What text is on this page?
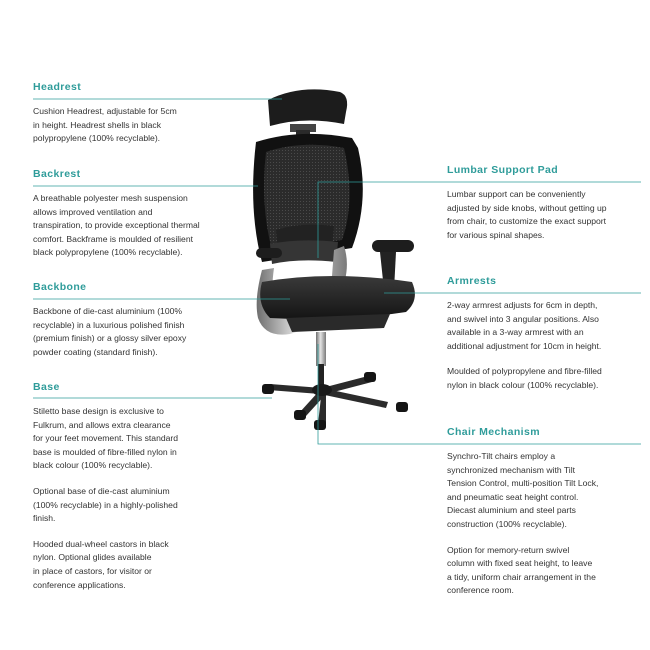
Headrest
Cushion Headrest, adjustable for 5cm
in height. Headrest shells in black
polypropylene (100% recyclable).
Backrest
A breathable polyester mesh suspension
allows improved ventilation and
transpiration, to provide exceptional thermal
comfort. Backframe is moulded of resilient
black polypropylene (100% recyclable).
Backbone
Backbone of die-cast aluminium (100%
recyclable) in a luxurious polished finish
(premium finish) or a glossy silver epoxy
powder coating (standard finish).
Base
Stiletto base design is exclusive to
Fulkrum, and allows extra clearance
for your feet movement. This standard
base is moulded of fibre-filled nylon in
black colour (100% recyclable).
Optional base of die-cast aluminium
(100% recyclable) in a highly-polished
finish.
Hooded dual-wheel castors in black
nylon. Optional glides available
in place of castors, for visitor or
conference applications.
Lumbar Support Pad
Lumbar support can be conveniently
adjusted by side knobs, without getting up
from chair, to customize the exact support
for various spinal shapes.
Armrests
2-way armrest adjusts for 6cm in depth,
and swivel into 3 angular positions. Also
available in a 3-way armrest with an
additional adjustment for 10cm in height.
Moulded of polypropylene and fibre-filled
nylon in black colour (100% recyclable).
Chair Mechanism
Synchro-Tilt chairs employ a
synchronized mechanism with Tilt
Tension Control, multi-position Tilt Lock,
and pneumatic seat height control.
Diecast aluminium and steel parts
construction (100% recyclable).
Option for memory-return swivel
column with fixed seat height, to leave
a tidy, uniform chair arrangement in the
conference room.
